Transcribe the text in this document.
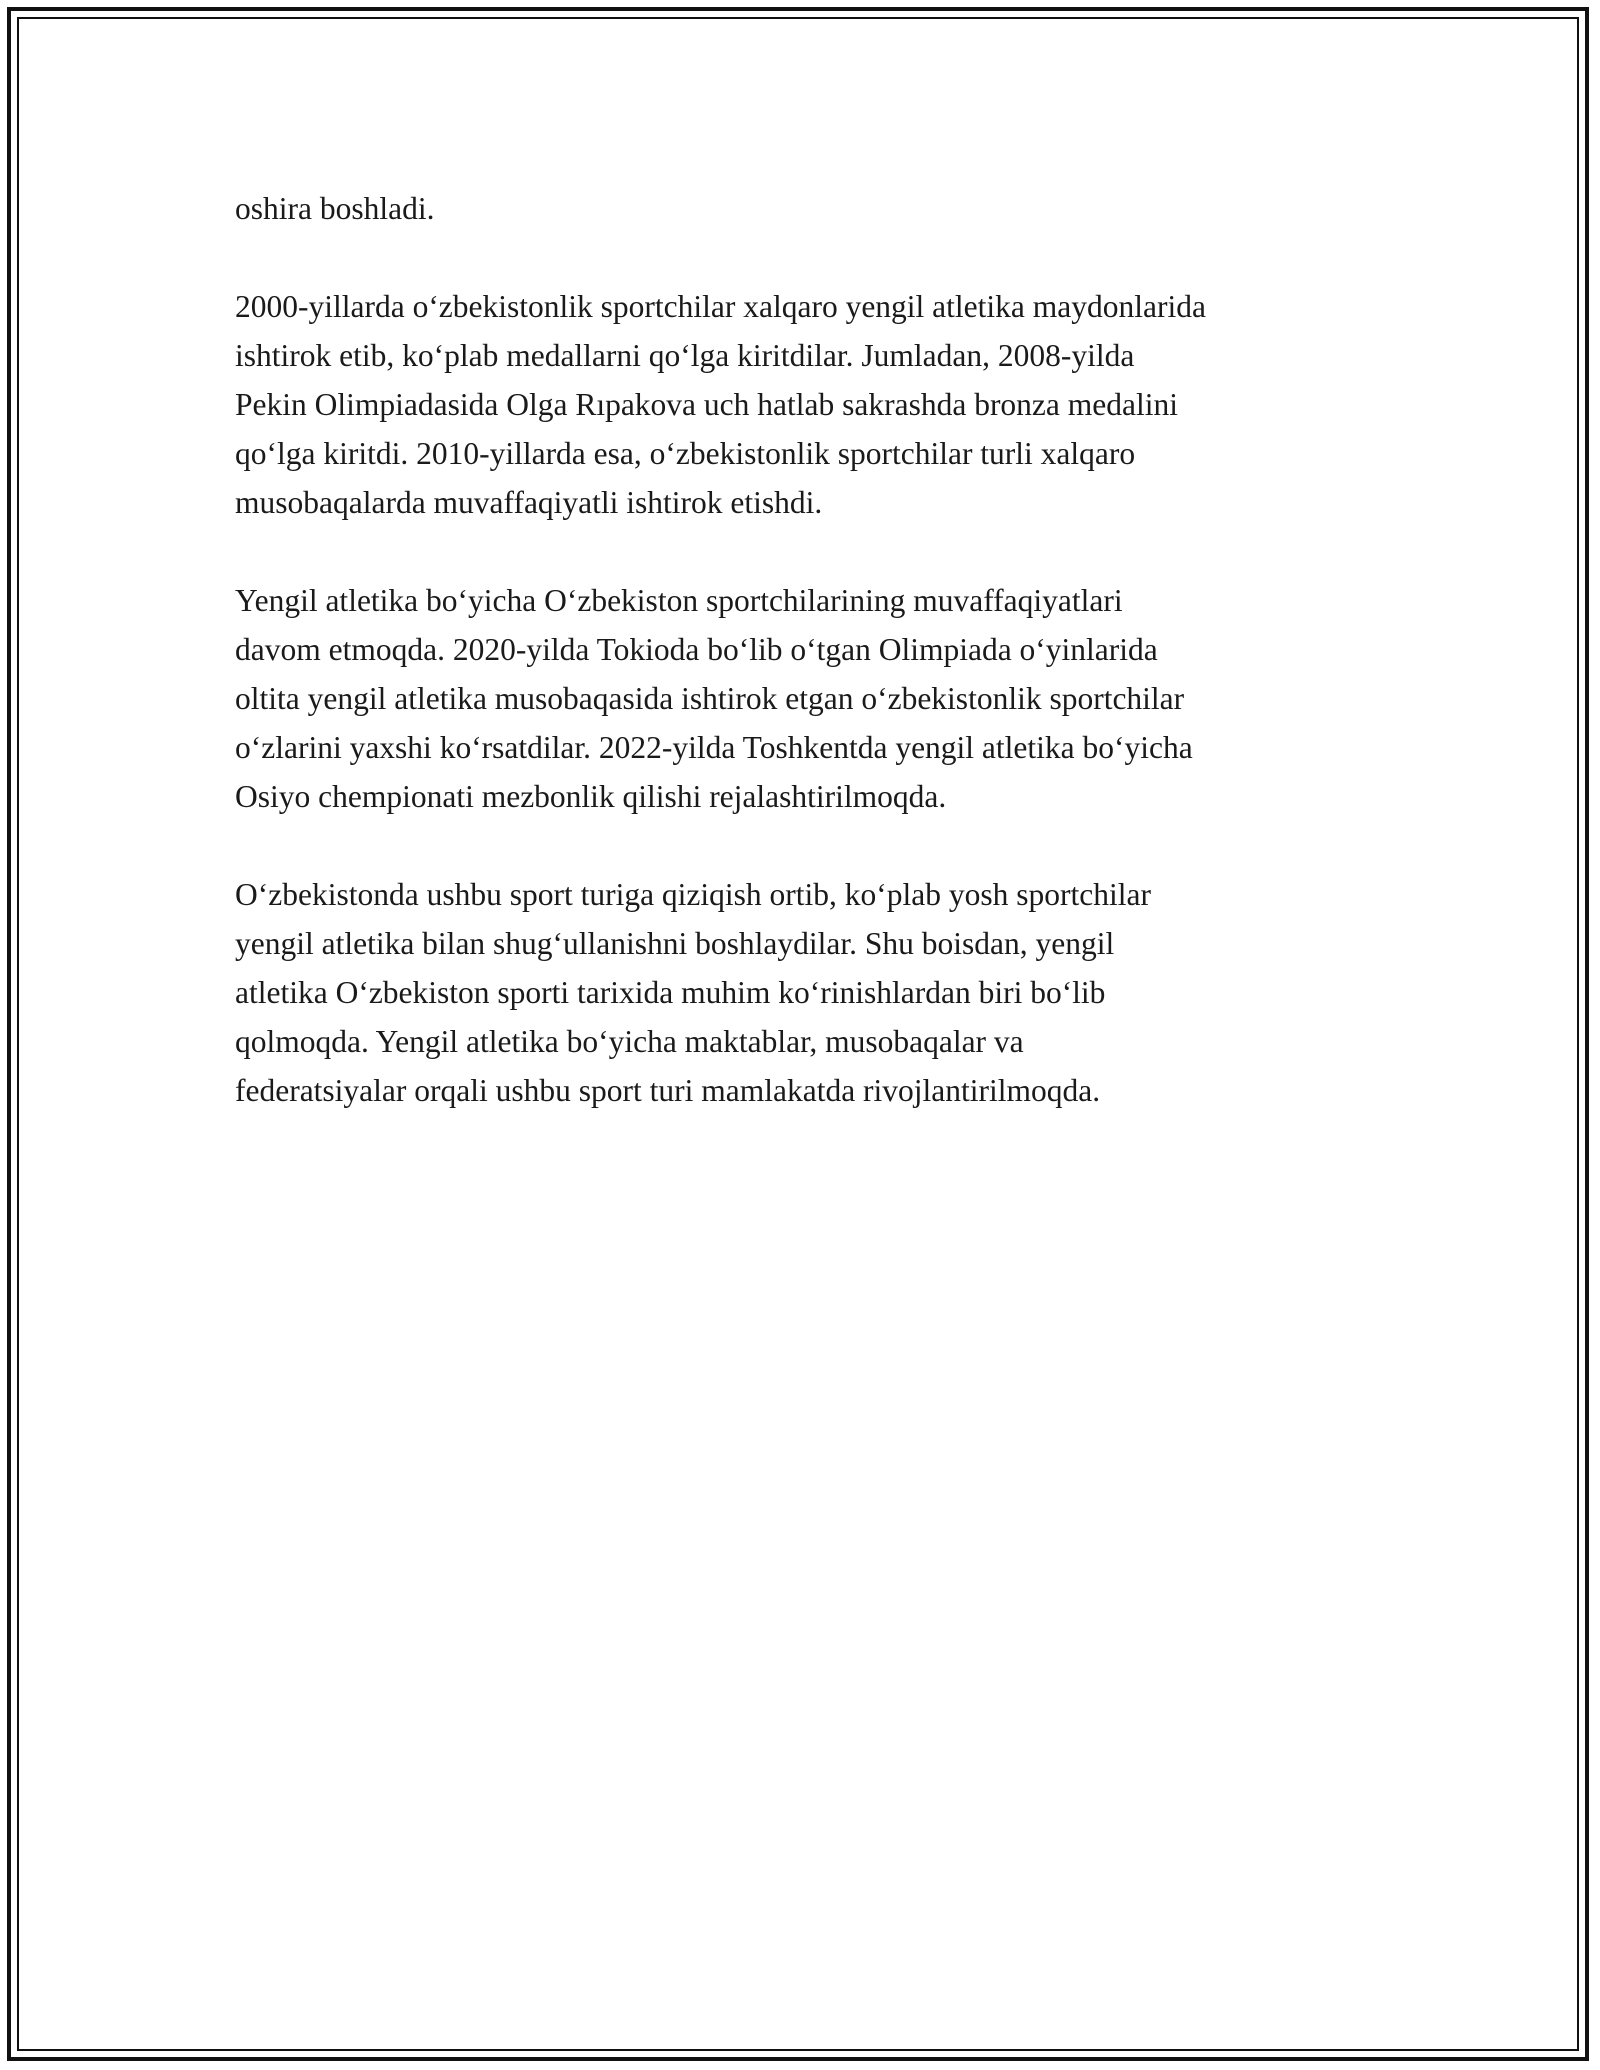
oshira boshladi.

2000-yillarda o‘zbekistonlik sportchilar xalqaro yengil atletika maydonlarida
ishtirok etib, ko‘plab medallarni qo‘lga kiritdilar. Jumladan, 2008-yilda
Pekin Olimpiadasida Olga Rıpakova uch hatlab sakrashda bronza medalini
qo‘lga kiritdi. 2010-yillarda esa, o‘zbekistonlik sportchilar turli xalqaro
musobaqalarda muvaffaqiyatli ishtirok etishdi.

Yengil atletika bo‘yicha O‘zbekiston sportchilarining muvaffaqiyatlari
davom etmoqda. 2020-yilda Tokioda bo‘lib o‘tgan Olimpiada o‘yinlarida
oltita yengil atletika musobaqasida ishtirok etgan o‘zbekistonlik sportchilar
o‘zlarini yaxshi ko‘rsatdilar. 2022-yilda Toshkentda yengil atletika bo‘yicha
Osiyo chempionati mezbonlik qilishi rejalashtirilmoqda.

O‘zbekistonda ushbu sport turiga qiziqish ortib, ko‘plab yosh sportchilar
yengil atletika bilan shug‘ullanishni boshlaydilar. Shu boisdan, yengil
atletika O‘zbekiston sporti tarixida muhim ko‘rinishlardan biri bo‘lib
qolmoqda. Yengil atletika bo‘yicha maktablar, musobaqalar va
federatsiyalar orqali ushbu sport turi mamlakatda rivojlantirilmoqda.
